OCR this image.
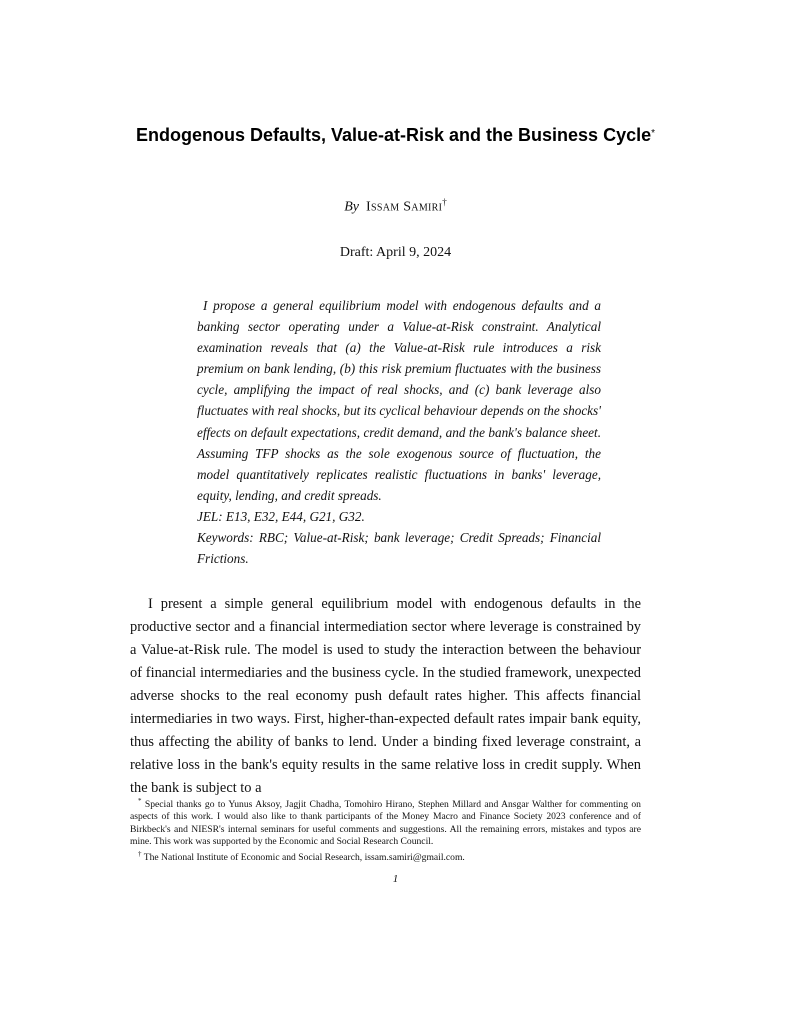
Endogenous Defaults, Value-at-Risk and the Business Cycle*
By Issam Samiri†
Draft: April 9, 2024

I propose a general equilibrium model with endogenous defaults and a banking sector operating under a Value-at-Risk constraint. Analytical examination reveals that (a) the Value-at-Risk rule introduces a risk premium on bank lending, (b) this risk premium fluctuates with the business cycle, amplifying the impact of real shocks, and (c) bank leverage also fluctuates with real shocks, but its cyclical behaviour depends on the shocks' effects on default expectations, credit demand, and the bank's balance sheet. Assuming TFP shocks as the sole exogenous source of fluctuation, the model quantitatively replicates realistic fluctuations in banks' leverage, equity, lending, and credit spreads.

JEL: E13, E32, E44, G21, G32.

Keywords: RBC; Value-at-Risk; bank leverage; Credit Spreads; Financial Frictions.

I present a simple general equilibrium model with endogenous defaults in the productive sector and a financial intermediation sector where leverage is constrained by a Value-at-Risk rule. The model is used to study the interaction between the behaviour of financial intermediaries and the business cycle. In the studied framework, unexpected adverse shocks to the real economy push default rates higher. This affects financial intermediaries in two ways. First, higher-than-expected default rates impair bank equity, thus affecting the ability of banks to lend. Under a binding fixed leverage constraint, a relative loss in the bank's equity results in the same relative loss in credit supply. When the bank is subject to a

* Special thanks go to Yunus Aksoy, Jagjit Chadha, Tomohiro Hirano, Stephen Millard and Ansgar Walther for commenting on aspects of this work. I would also like to thank participants of the Money Macro and Finance Society 2023 conference and of Birkbeck's and NIESR's internal seminars for useful comments and suggestions. All the remaining errors, mistakes and typos are mine. This work was supported by the Economic and Social Research Council.

† The National Institute of Economic and Social Research, issam.samiri@gmail.com.

1
